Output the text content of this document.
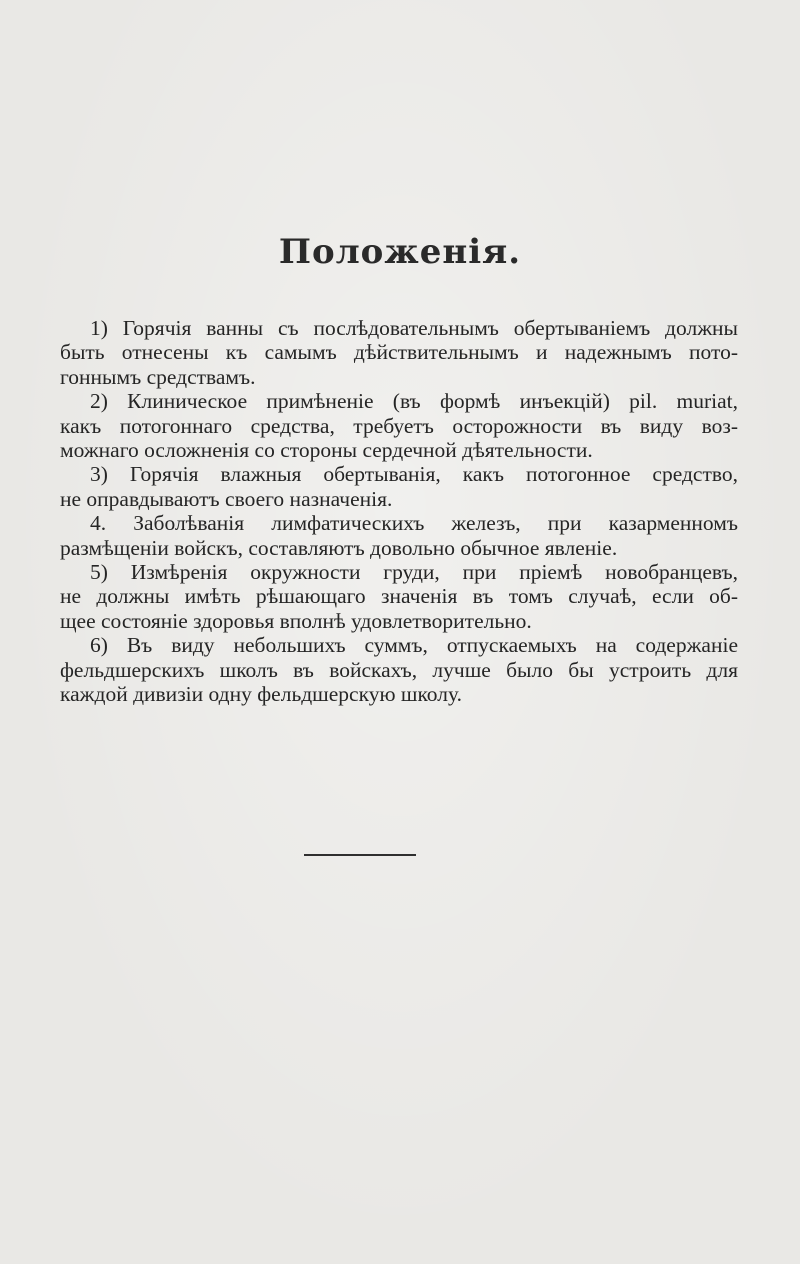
Положенія.
1) Горячія ванны съ послѣдовательнымъ обертываніемъ должны
быть отнесены къ самымъ дѣйствительнымъ и надежнымъ пото-
гоннымъ средствамъ.
2) Клиническое примѣненіе (въ формѣ инъекцій) pil. muriat,
какъ потогоннаго средства, требуетъ осторожности въ виду воз-
можнаго осложненія со стороны сердечной дѣятельности.
3) Горячія влажныя обертыванія, какъ потогонное средство,
не оправдываютъ своего назначенія.
4. Заболѣванія лимфатическихъ железъ, при казарменномъ
размѣщеніи войскъ, составляютъ довольно обычное явленіе.
5) Измѣренія окружности груди, при пріемѣ новобранцевъ,
не должны имѣть рѣшающаго значенія въ томъ случаѣ, если об-
щее состояніе здоровья вполнѣ удовлетворительно.
6) Въ виду небольшихъ суммъ, отпускаемыхъ на содержаніе
фельдшерскихъ школъ въ войскахъ, лучше было бы устроить для
каждой дивизіи одну фельдшерскую школу.
